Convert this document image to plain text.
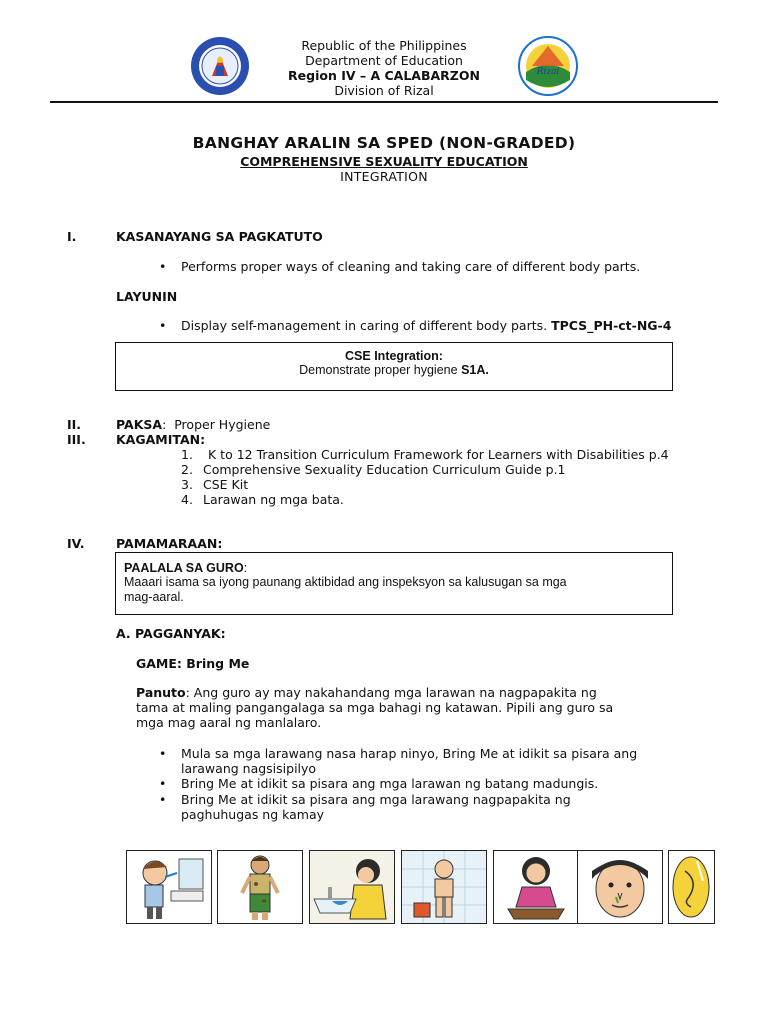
Rizal
Republic of the Philippines
Department of Education
Region IV – A CALABARZON
Division of Rizal
BANGHAY ARALIN SA SPED (NON-GRADED)
COMPREHENSIVE SEXUALITY EDUCATION
INTEGRATION
I.	KASANAYANG SA PAGKATUTO
• Performs proper ways of cleaning and taking care of different body parts.
LAYUNIN
• Display self-management in caring of different body parts. TPCS_PH-ct-NG-4
CSE Integration:
Demonstrate proper hygiene S1A.
II.	PAKSA: Proper Hygiene
III. KAGAMITAN:
1. K to 12 Transition Curriculum Framework for Learners with Disabilities p.4
2. Comprehensive Sexuality Education Curriculum Guide p.1
3. CSE Kit
4. Larawan ng mga bata.
IV.	PAMAMARAAN:
PAALALA SA GURO:
Maaari isama sa iyong paunang aktibidad ang inspeksyon sa kalusugan sa mga
mag-aaral.
A. PAGGANYAK:
GAME: Bring Me
Panuto: Ang guro ay may nakahandang mga larawan na nagpapakita ng
tama at maling pangangalaga sa mga bahagi ng katawan. Pipili ang guro sa
mga mag aaral ng manlalaro.
• Mula sa mga larawang nasa harap ninyo, Bring Me at idikit sa pisara ang
larawang nagsisipilyo
• Bring Me at idikit sa pisara ang mga larawan ng batang madungis.
• Bring Me at idikit sa pisara ang mga larawang nagpapakita ng
paghuhugas ng kamay
